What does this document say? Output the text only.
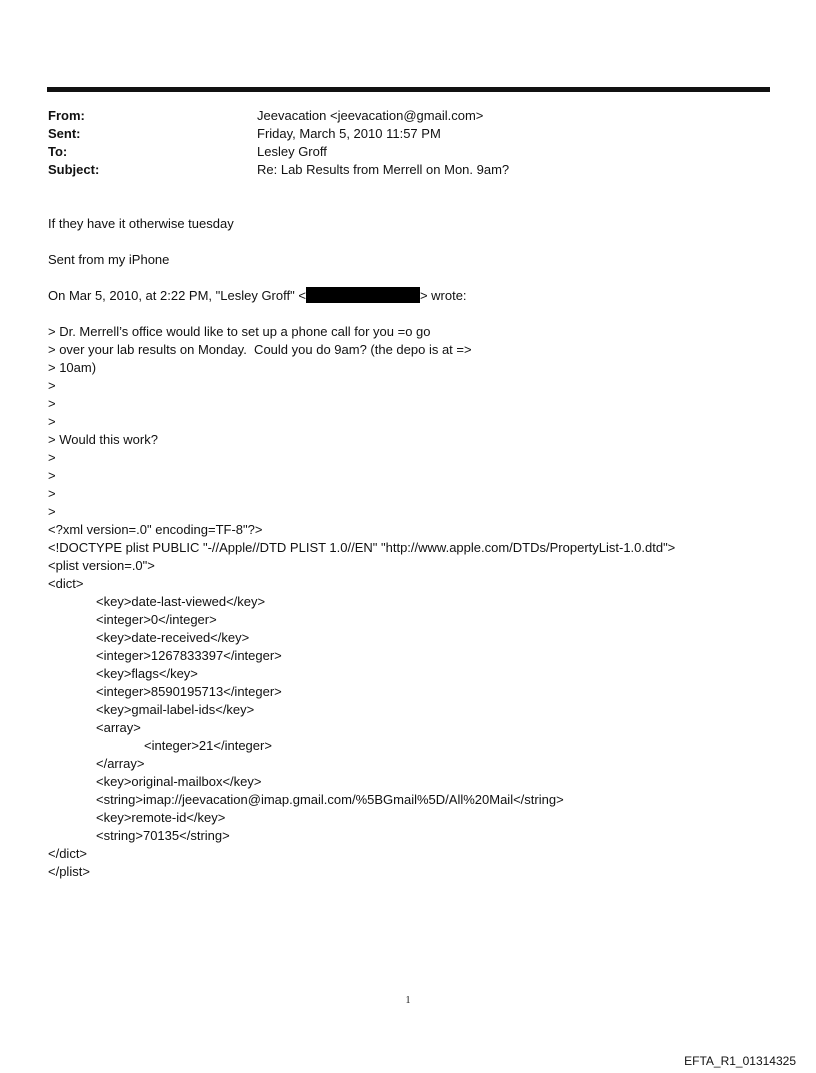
From:	Jeevacation <jeevacation@gmail.com>
Sent:	Friday, March 5, 2010 11:57 PM
To:	Lesley Groff
Subject:	Re: Lab Results from Merrell on Mon. 9am?
If they have it otherwise tuesday
Sent from my iPhone
On Mar 5, 2010, at 2:22 PM, "Lesley Groff" <	> wrote:
> Dr. Merrell’s office would like to set up a phone call for you =o go
> over your lab results on Monday.  Could you do 9am? (the depo is at =>
> 10am)
>
>
>
> Would this work?
>
>
>
>
<?xml version=.0" encoding=TF-8"?>
<!DOCTYPE plist PUBLIC "-//Apple//DTD PLIST 1.0//EN" "http://www.apple.com/DTDs/PropertyList-1.0.dtd">
<plist version=.0">
<dict>
<key>date-last-viewed</key>
<integer>0</integer>
<key>date-received</key>
<integer>1267833397</integer>
<key>flags</key>
<integer>8590195713</integer>
<key>gmail-label-ids</key>
<array>
<integer>21</integer>
</array>
<key>original-mailbox</key>
<string>imap://jeevacation@imap.gmail.com/%5BGmail%5D/All%20Mail</string>
<key>remote-id</key>
<string>70135</string>
</dict>
</plist>
1
EFTA_R1_01314325
